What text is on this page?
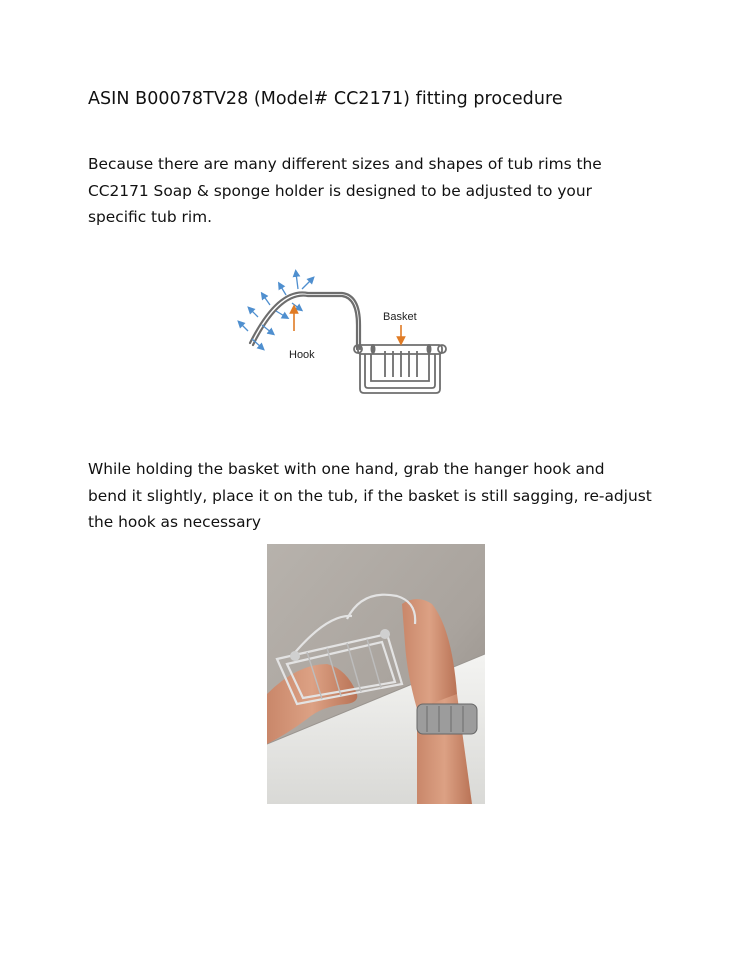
ASIN B00078TV28 (Model# CC2171) fitting procedure
Because there are many different sizes and shapes of tub rims the
CC2171 Soap & sponge holder is designed to be adjusted to your
specific tub rim.
Basket
Hook
While holding the basket with one hand, grab the hanger hook and
bend it slightly, place it on the tub, if the basket is still sagging, re-adjust
the hook as necessary
